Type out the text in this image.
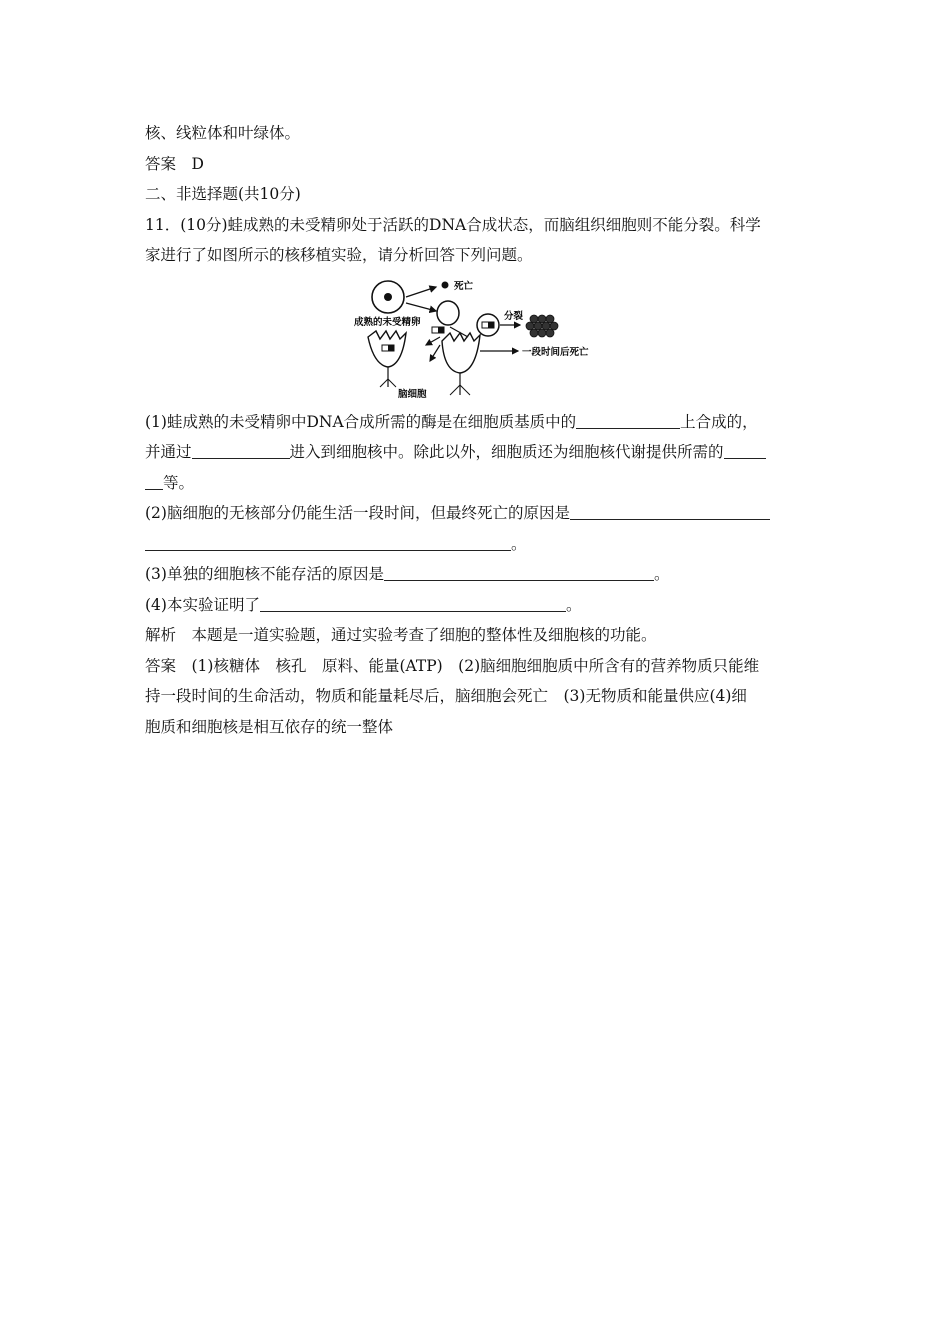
核、线粒体和叶绿体。
答案　D
二、非选择题(共10分)
11．(10分)蛙成熟的未受精卵处于活跃的DNA合成状态，而脑组织细胞则不能分裂。科学
家进行了如图所示的核移植实验，请分析回答下列问题。
死亡
成熟的未受精卵
分裂
一段时间后死亡
脑细胞
(1)蛙成熟的未受精卵中DNA合成所需的酶是在细胞质基质中的	上合成的，
并通过	进入到细胞核中。除此以外，细胞质还为细胞核代谢提供所需的
等。
(2)脑细胞的无核部分仍能生活一段时间，但最终死亡的原因是
。
(3)单独的细胞核不能存活的原因是	。
(4)本实验证明了	。
解析　本题是一道实验题，通过实验考查了细胞的整体性及细胞核的功能。
答案　(1)核糖体　核孔　原料、能量(ATP)　(2)脑细胞细胞质中所含有的营养物质只能维
持一段时间的生命活动，物质和能量耗尽后，脑细胞会死亡　(3)无物质和能量供应(4)细
胞质和细胞核是相互依存的统一整体
